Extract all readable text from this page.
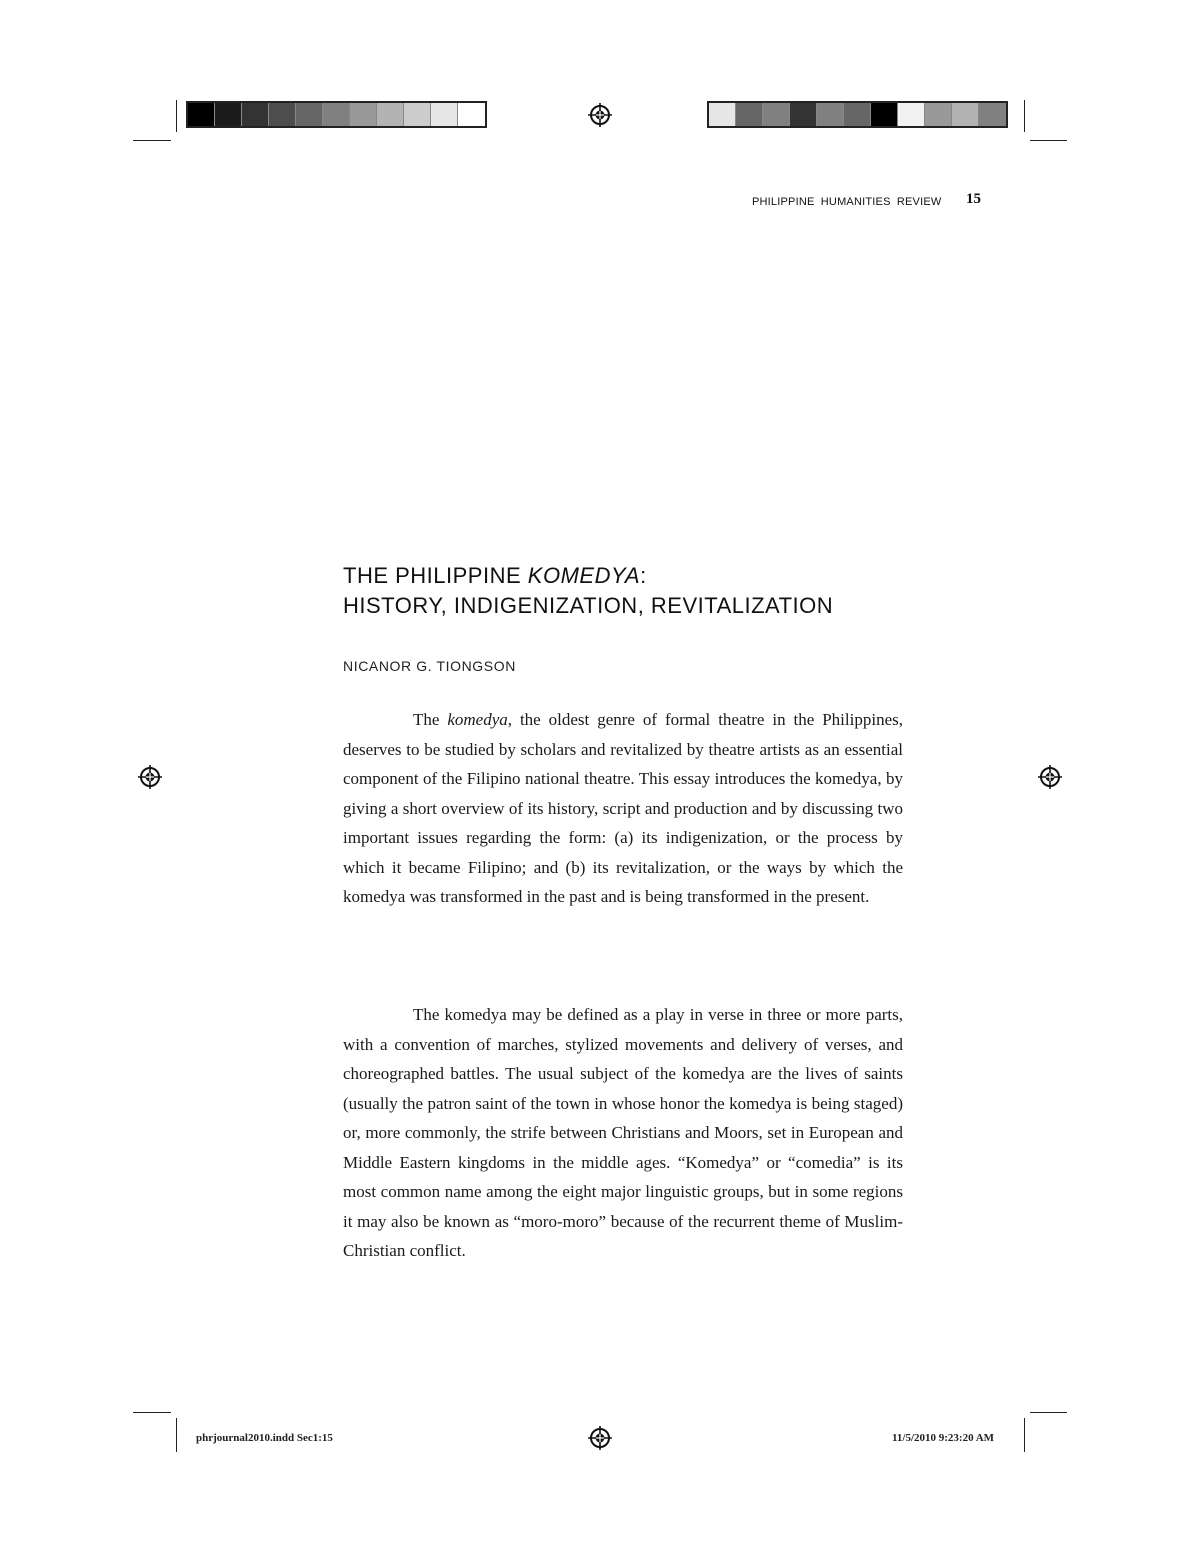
PHILIPPINE HUMANITIES REVIEW 15
THE PHILIPPINE KOMEDYA:
HISTORY, INDIGENIZATION, REVITALIZATION
NICANOR G. TIONGSON

The komedya, the oldest genre of formal theatre in the Philippines, deserves to be studied by scholars and revitalized by theatre artists as an essential component of the Filipino national theatre. This essay introduces the komedya, by giving a short overview of its history, script and production and by discussing two important issues regarding the form: (a) its indigenization, or the process by which it became Filipino; and (b) its revitalization, or the ways by which the komedya was transformed in the past and is being transformed in the present.

The komedya may be defined as a play in verse in three or more parts, with a convention of marches, stylized movements and delivery of verses, and choreographed battles. The usual subject of the komedya are the lives of saints (usually the patron saint of the town in whose honor the komedya is being staged) or, more commonly, the strife between Christians and Moors, set in European and Middle Eastern kingdoms in the middle ages. “Komedya” or “comedia” is its most common name among the eight major linguistic groups, but in some regions it may also be known as “moro-moro” because of the recurrent theme of Muslim-Christian conflict.

phrjournal2010.indd Sec1:15	11/5/2010 9:23:20 AM
